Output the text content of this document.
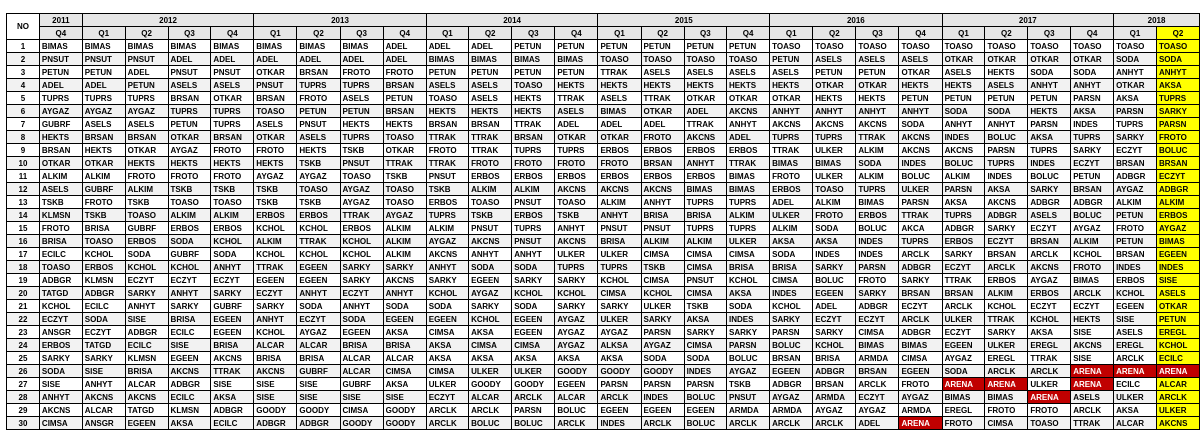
NO	2011	2012				2013				2014				2015				2016				2017				2018	
	Q4	Q1	Q2	Q3	Q4	Q1	Q2	Q3	Q4	Q1	Q2	Q3	Q4	Q1	Q2	Q3	Q4	Q1	Q2	Q3	Q4	Q1	Q2	Q3	Q4	Q1	Q2
1	BIMAS	BIMAS	BIMAS	BIMAS	BIMAS	BIMAS	BIMAS	BIMAS	ADEL	ADEL	ADEL	PETUN	PETUN	PETUN	PETUN	PETUN	PETUN	TOASO	TOASO	TOASO	TOASO	TOASO	TOASO	TOASO	TOASO	TOASO	TOASO
2	PNSUT	PNSUT	PNSUT	ADEL	ADEL	ADEL	ADEL	ADEL	ADEL	BIMAS	BIMAS	BIMAS	BIMAS	TOASO	TOASO	TOASO	TOASO	PETUN	ASELS	ASELS	ASELS	OTKAR	OTKAR	OTKAR	OTKAR	SODA	SODA
3	PETUN	PETUN	ADEL	PNSUT	PNSUT	OTKAR	BRSAN	FROTO	FROTO	PETUN	PETUN	PETUN	PETUN	TTRAK	ASELS	ASELS	ASELS	ASELS	PETUN	PETUN	OTKAR	ASELS	HEKTS	SODA	SODA	ANHYT	ANHYT
4	ADEL	ADEL	PETUN	ASELS	ASELS	PNSUT	TUPRS	TUPRS	BRSAN	ASELS	ASELS	TOASO	HEKTS	HEKTS	HEKTS	HEKTS	HEKTS	HEKTS	OTKAR	OTKAR	HEKTS	HEKTS	ASELS	ANHYT	ANHYT	OTKAR	AKSA
5	TUPRS	TUPRS	TUPRS	BRSAN	OTKAR	BRSAN	FROTO	ASELS	PETUN	TOASO	ASELS	HEKTS	TTRAK	ASELS	TTRAK	OTKAR	OTKAR	OTKAR	HEKTS	HEKTS	PETUN	PETUN	PETUN	PETUN	PARSN	AKSA	TUPRS
6	AYGAZ	AYGAZ	AYGAZ	TUPRS	TUPRS	TOASO	PETUN	PETUN	BRSAN	HEKTS	HEKTS	HEKTS	ASELS	BIMAS	OTKAR	ADEL	AKCNS	ANHYT	ANHYT	ANHYT	ANHYT	SODA	SODA	HEKTS	AKSA	PARSN	SARKY
7	GUBRF	ASELS	ASELS	PETUN	TUPRS	ASELS	PNSUT	HEKTS	HEKTS	BRSAN	BRSAN	TTRAK	ADEL	ADEL	ADEL	TTRAK	ANHYT	AKCNS	AKCNS	AKCNS	SODA	ANHYT	ANHYT	PARSN	INDES	TUPRS	PARSN
8	HEKTS	BRSAN	BRSAN	OTKAR	BRSAN	OTKAR	ASELS	TUPRS	TOASO	TTRAK	TTRAK	BRSAN	OTKAR	OTKAR	FROTO	AKCNS	ADEL	TUPRS	TUPRS	TTRAK	AKCNS	INDES	BOLUC	AKSA	TUPRS	SARKY	FROTO
9	BRSAN	HEKTS	OTKAR	AYGAZ	FROTO	FROTO	HEKTS	TSKB	OTKAR	FROTO	TTRAK	TUPRS	TUPRS	ERBOS	ERBOS	ERBOS	ERBOS	TTRAK	ULKER	ALKIM	AKCNS	AKCNS	PARSN	TUPRS	SARKY	ECZYT	BOLUC
10	OTKAR	OTKAR	HEKTS	HEKTS	HEKTS	HEKTS	TSKB	PNSUT	TTRAK	TTRAK	FROTO	FROTO	FROTO	FROTO	BRSAN	ANHYT	TTRAK	BIMAS	BIMAS	SODA	INDES	BOLUC	TUPRS	INDES	ECZYT	BRSAN	BRSAN
11	ALKIM	ALKIM	FROTO	FROTO	FROTO	AYGAZ	AYGAZ	TOASO	TSKB	PNSUT	ERBOS	ERBOS	ERBOS	ERBOS	ERBOS	ERBOS	BIMAS	FROTO	ULKER	ALKIM	BOLUC	ALKIM	INDES	BOLUC	PETUN	ADBGR	ECZYT
12	ASELS	GUBRF	ALKIM	TSKB	TSKB	TSKB	TOASO	AYGAZ	TOASO	TSKB	ALKIM	ALKIM	AKCNS	AKCNS	AKCNS	BIMAS	BIMAS	ERBOS	TOASO	TUPRS	ULKER	PARSN	AKSA	SARKY	BRSAN	AYGAZ	ADBGR
13	TSKB	FROTO	TSKB	TOASO	TOASO	TSKB	TSKB	AYGAZ	TOASO	ERBOS	TOASO	PNSUT	TOASO	ALKIM	ANHYT	TUPRS	TUPRS	ADEL	ALKIM	BIMAS	PARSN	AKSA	AKCNS	ADBGR	ADBGR	ALKIM	ALKIM
14	KLMSN	TSKB	TOASO	ALKIM	ALKIM	ERBOS	ERBOS	TTRAK	AYGAZ	TUPRS	TSKB	ERBOS	TSKB	ANHYT	BRISA	BRISA	ALKIM	ULKER	FROTO	ERBOS	TTRAK	TUPRS	ADBGR	ASELS	BOLUC	PETUN	ERBOS
15	FROTO	BRISA	GUBRF	ERBOS	ERBOS	KCHOL	KCHOL	ERBOS	ALKIM	ALKIM	PNSUT	TUPRS	ANHYT	PNSUT	PNSUT	TUPRS	TUPRS	ALKIM	SODA	BOLUC	AKCA	ADBGR	SARKY	ECZYT	AYGAZ	FROTO	AYGAZ
16	BRISA	TOASO	ERBOS	SODA	KCHOL	ALKIM	TTRAK	KCHOL	ALKIM	AYGAZ	AKCNS	PNSUT	AKCNS	BRISA	ALKIM	ALKIM	ULKER	AKSA	AKSA	INDES	TUPRS	ERBOS	ECZYT	BRSAN	ALKIM	PETUN	BIMAS
17	ECILC	KCHOL	SODA	GUBRF	SODA	KCHOL	KCHOL	KCHOL	ALKIM	AKCNS	ANHYT	ANHYT	ULKER	ULKER	CIMSA	CIMSA	CIMSA	SODA	INDES	INDES	ARCLK	SARKY	BRSAN	ARCLK	KCHOL	BRSAN	EGEEN
18	TOASO	ERBOS	KCHOL	KCHOL	ANHYT	TTRAK	EGEEN	SARKY	SARKY	ANHYT	SODA	SODA	TUPRS	TUPRS	TSKB	CIMSA	BRISA	BRISA	SARKY	PARSN	ADBGR	ECZYT	ARCLK	AKCNS	FROTO	INDES	INDES
19	ADBGR	KLMSN	ECZYT	ECZYT	ECZYT	EGEEN	EGEEN	SARKY	AKCNS	SARKY	EGEEN	SARKY	SARKY	KCHOL	CIMSA	PNSUT	KCHOL	CIMSA	BOLUC	FROTO	SARKY	TTRAK	ERBOS	AYGAZ	BIMAS	ERBOS	SISE
20	TATGD	ADBGR	SARKY	ANHYT	SARKY	ECZYT	ANHYT	ECZYT	ANHYT	KCHOL	AYGAZ	KCHOL	KCHOL	CIMSA	KCHOL	CIMSA	AKSA	INDES	EGEEN	SARKY	BRSAN	BRSAN	ALKIM	ERBOS	ARCLK	KCHOL	ASELS
21	KCHOL	ECILC	ANHYT	SARKY	GUBRF	SARKY	SODA	ANHYT	SODA	SODA	SARKY	SODA	SARKY	SARKY	ULKER	TSKB	SODA	KCHOL	ADEL	ADBGR	ECZYT	ARCLK	KCHOL	ECZYT	ECZYT	EGEEN	OTKAR
22	ECZYT	SODA	SISE	BRISA	EGEEN	ANHYT	ECZYT	SODA	EGEEN	EGEEN	KCHOL	EGEEN	AYGAZ	ULKER	SARKY	AKSA	INDES	SARKY	ECZYT	ECZYT	ARCLK	ULKER	TTRAK	KCHOL	HEKTS	SISE	PETUN
23	ANSGR	ECZYT	ADBGR	ECILC	EGEEN	KCHOL	AYGAZ	EGEEN	AKSA	CIMSA	AKSA	EGEEN	AYGAZ	AYGAZ	PARSN	SARKY	SARKY	PARSN	SARKY	CIMSA	ADBGR	ECZYT	SARKY	AKSA	SISE	ASELS	EREGL
24	ERBOS	TATGD	ECILC	SISE	BRISA	ALCAR	ALCAR	BRISA	BRISA	AKSA	CIMSA	CIMSA	AYGAZ	ALKSA	AYGAZ	CIMSA	PARSN	BOLUC	KCHOL	BIMAS	BIMAS	EGEEN	ULKER	EREGL	AKCNS	EREGL	KCHOL
25	SARKY	SARKY	KLMSN	EGEEN	AKCNS	BRISA	BRISA	ALCAR	ALCAR	AKSA	AKSA	AKSA	AKSA	AKSA	SODA	SODA	BOLUC	BRSAN	BRISA	ARMDA	CIMSA	AYGAZ	EREGL	TTRAK	SISE	ARCLK	ECILC
26	SODA	SISE	BRISA	AKCNS	TTRAK	AKCNS	GUBRF	ALCAR	CIMSA	CIMSA	ULKER	ULKER	GOODY	GOODY	GOODY	INDES	AYGAZ	EGEEN	ADBGR	BRSAN	EGEEN	SODA	ARCLK	ARCLK	ARENA	ARENA	ARENA
27	SISE	ANHYT	ALCAR	ADBGR	SISE	SISE	SISE	GUBRF	AKSA	ULKER	GOODY	GOODY	EGEEN	PARSN	PARSN	PARSN	TSKB	ADBGR	BRSAN	ARCLK	FROTO	ARENA	ARENA	ULKER	ARENA	ECILC	ALCAR
28	ANHYT	AKCNS	AKCNS	ECILC	AKSA	SISE	SISE	SISE	SISE	ECZYT	ALCAR	ARCLK	ALCAR	ARCLK	INDES	BOLUC	PNSUT	AYGAZ	ARMDA	ECZYT	AYGAZ	BIMAS	BIMAS	ARENA	ASELS	ULKER	ARCLK
29	AKCNS	ALCAR	TATGD	KLMSN	ADBGR	GOODY	GOODY	CIMSA	GOODY	ARCLK	ARCLK	PARSN	BOLUC	EGEEN	EGEEN	EGEEN	ARMDA	ARMDA	AYGAZ	AYGAZ	ARMDA	EREGL	FROTO	FROTO	ARCLK	AKSA	ULKER
30	CIMSA	ANSGR	EGEEN	AKSA	ECILC	ADBGR	ADBGR	GOODY	GOODY	ARCLK	BOLUC	BOLUC	ARCLK	INDES	ARCLK	BOLUC	ARCLK	ARCLK	ARCLK	ADEL	ARENA	FROTO	CIMSA	TOASO	TTRAK	ALCAR	AKCNS
